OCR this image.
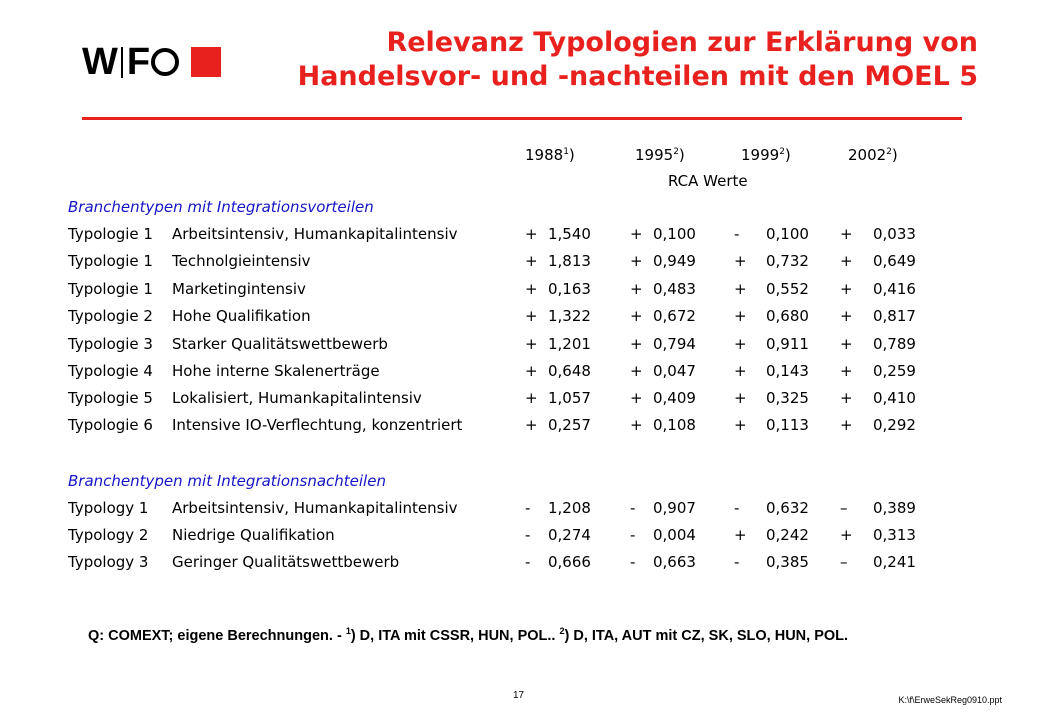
W F	Relevanz Typologien zur Erklärung von
Handelsvor- und -nachteilen mit den MOEL 5
1988$^1$)	1995$^2$)	1999$^2$)	2002$^2$)
RCA Werte
Branchentypen mit Integrationsvorteilen
Typologie 1 Arbeitsintensiv, Humankapitalintensiv	+ 1,540	+ 0,100	- 0,100 + 0,033
Typologie 1 Technolgieintensiv	+ 1,813	+ 0,949	+ 0,732 + 0,649
Typologie 1 Marketingintensiv	+ 0,163	+ 0,483	+ 0,552 + 0,416
Typologie 2 Hohe Qualifikation	+ 1,322	+ 0,672	+ 0,680 + 0,817
Typologie 3 Starker Qualitätswettbewerb	+ 1,201	+ 0,794	+ 0,911 + 0,789
Typologie 4 Hohe interne Skalenerträge	+ 0,648	+ 0,047	+ 0,143 + 0,259
Typologie 5 Lokalisiert, Humankapitalintensiv	+ 1,057	+ 0,409	+ 0,325 + 0,410
Typologie 6 Intensive IO-Verflechtung, konzentriert	+ 0,257	+ 0,108	+ 0,113 + 0,292
Branchentypen mit Integrationsnachteilen
Typology 1 Arbeitsintensiv, Humankapitalintensiv	- 1,208	- 0,907	- 0,632 – 0,389
Typology 2 Niedrige Qualifikation	- 0,274	- 0,004	+ 0,242 + 0,313
Typology 3 Geringer Qualitätswettbewerb	- 0,666	- 0,663	- 0,385 – 0,241
Q: COMEXT; eigene Berechnungen. - $^1$) D, ITA mit CSSR, HUN, POL.. $^2$) D, ITA, AUT mit CZ, SK, SLO, HUN, POL.
17	K:\f\ErweSekReg0910.ppt
